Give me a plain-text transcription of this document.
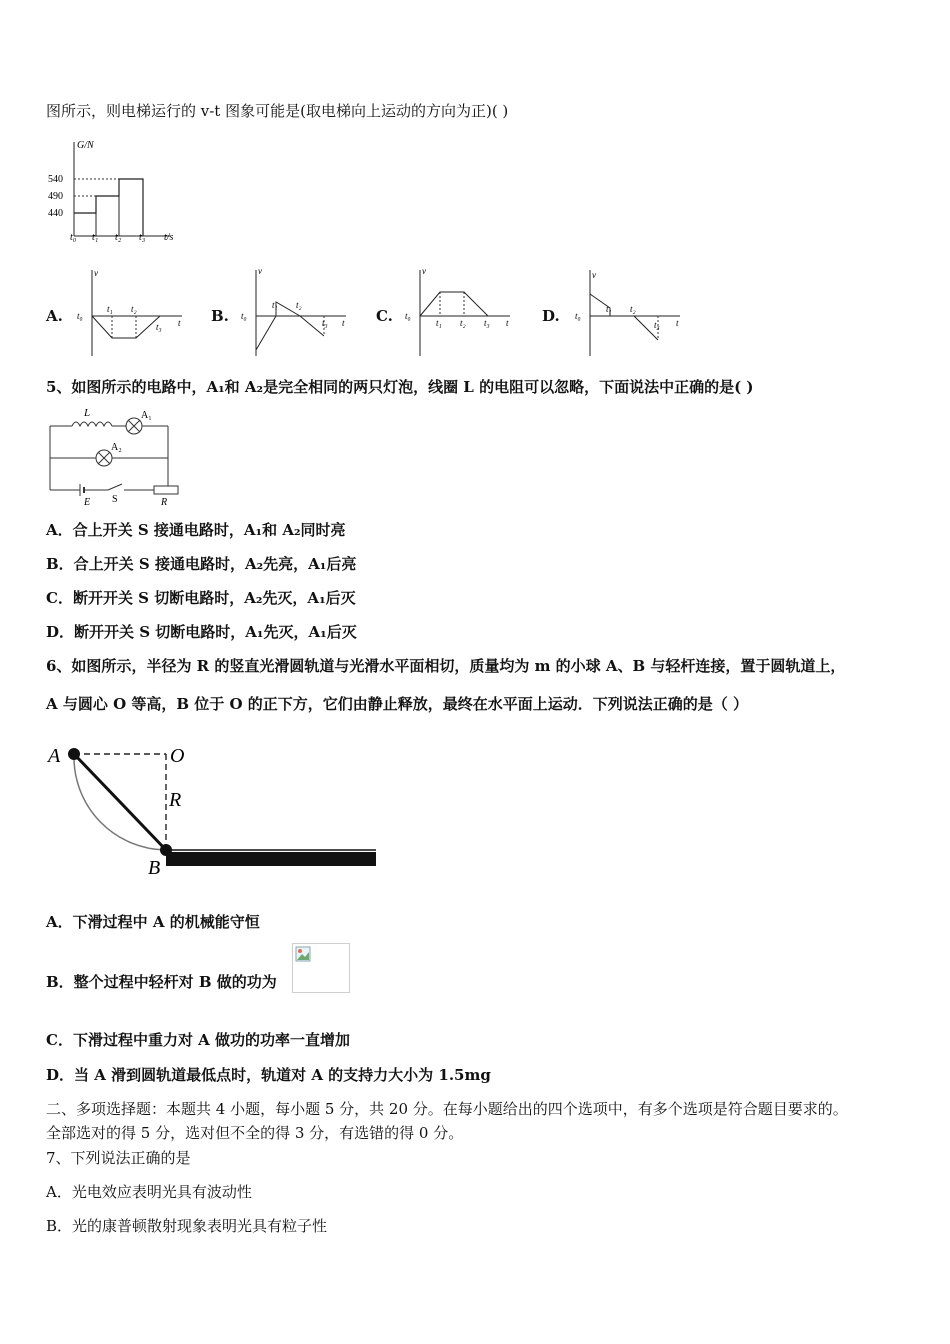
图所示，则电梯运行的 v-t 图象可能是(取电梯向上运动的方向为正)( )
G/N
540
490
440
t₀ t₁ t₂ t₃ t/s
A.
v
t
t₀
t₁ t₂
t₃
B.
v
t
t₀
t₁ t₂
t₃	C.
v
t
t₀
t₁ t₂ t₃	D.
v
t
t₀
t₁ t₂
t₃
5、如图所示的电路中，A₁和 A₂是完全相同的两只灯泡，线圈 L 的电阻可以忽略，下面说法中正确的是( )
L	A₁
A₂
E S	R
A．合上开关 S 接通电路时，A₁和 A₂同时亮
B．合上开关 S 接通电路时，A₂先亮，A₁后亮
C．断开开关 S 切断电路时，A₂先灭，A₁后灭
D．断开开关 S 切断电路时，A₁先灭，A₁后灭
6、如图所示，半径为 R 的竖直光滑圆轨道与光滑水平面相切，质量均为 m 的小球 A、B 与轻杆连接，置于圆轨道上，
A 与圆心 O 等高，B 位于 O 的正下方，它们由静止释放，最终在水平面上运动．下列说法正确的是（ ）
A	O
R
B
A．下滑过程中 A 的机械能守恒
B．整个过程中轻杆对 B 做的功为
C．下滑过程中重力对 A 做功的功率一直增加
D．当 A 滑到圆轨道最低点时，轨道对 A 的支持力大小为 1.5mg
二、多项选择题：本题共 4 小题，每小题 5 分，共 20 分。在每小题给出的四个选项中，有多个选项是符合题目要求的。
全部选对的得 5 分，选对但不全的得 3 分，有选错的得 0 分。
7、下列说法正确的是
A．光电效应表明光具有波动性
B．光的康普顿散射现象表明光具有粒子性
